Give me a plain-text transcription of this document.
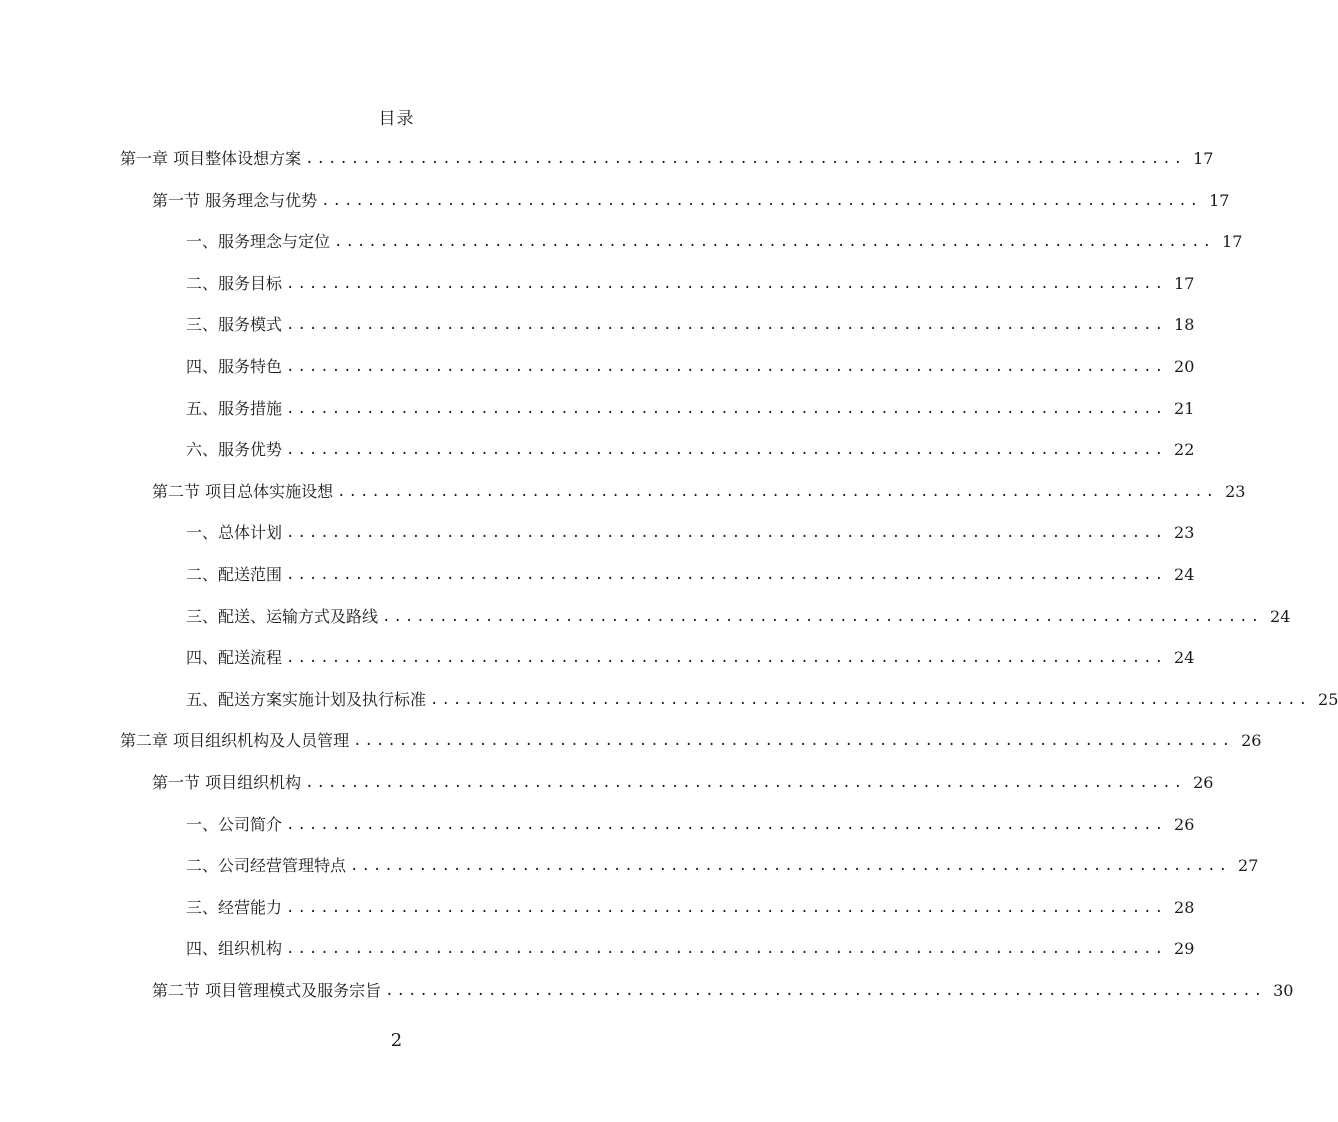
目录
第一章 项目整体设想方案 ............................................................................. 17
第一节 服务理念与优势 ............................................................................. 17
一、服务理念与定位 ............................................................................. 17
二、服务目标 ............................................................................. 17
三、服务模式 ............................................................................. 18
四、服务特色 ............................................................................. 20
五、服务措施 ............................................................................. 21
六、服务优势 ............................................................................. 22
第二节 项目总体实施设想 ............................................................................. 23
一、总体计划 ............................................................................. 23
二、配送范围 ............................................................................. 24
三、配送、运输方式及路线 ............................................................................. 24
四、配送流程 ............................................................................. 24
五、配送方案实施计划及执行标准 ............................................................................. 25
第二章 项目组织机构及人员管理 ............................................................................. 26
第一节 项目组织机构 ............................................................................. 26
一、公司简介 ............................................................................. 26
二、公司经营管理特点 ............................................................................. 27
三、经营能力 ............................................................................. 28
四、组织机构 ............................................................................. 29
第二节 项目管理模式及服务宗旨 ............................................................................. 30
2
